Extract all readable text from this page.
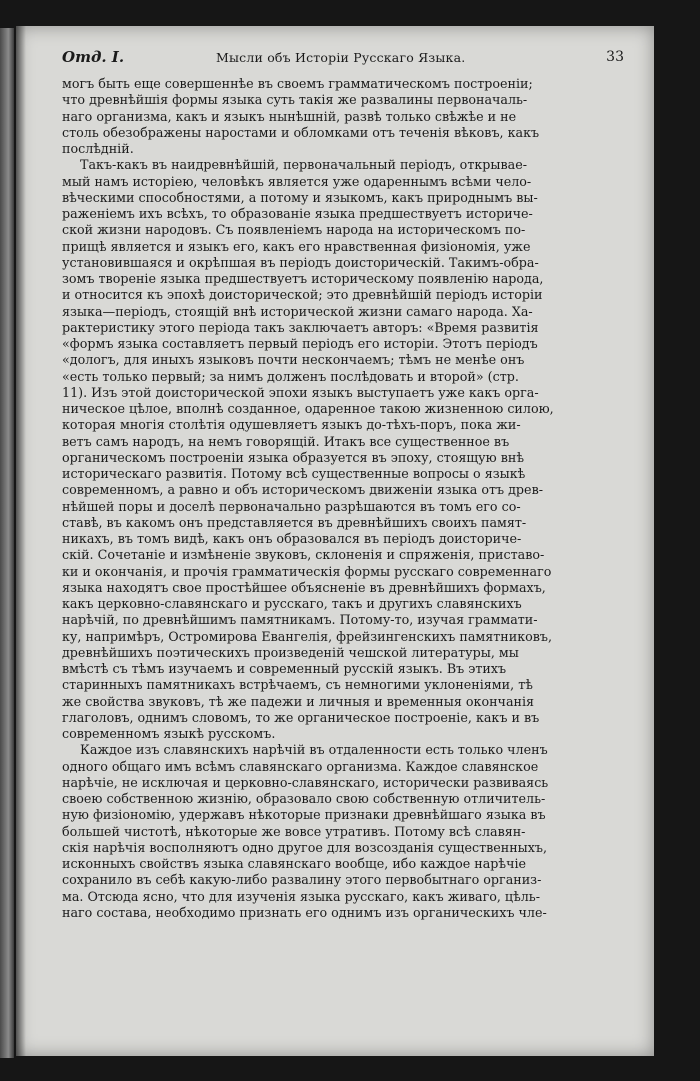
Отд. I.	Мысли объ Исторіи Русскаго Языка.	33
могъ быть еще совершеннѣе въ своемъ грамматическомъ построеніи;
что древнѣйшія формы языка суть такія же развалины первоначаль-
наго организма, какъ и языкъ нынѣшній, развѣ только свѣжѣе и не
столь обезображены наростами и обломками отъ теченія вѣковъ, какъ
послѣдній.
Такъ-какъ въ наидревнѣйшій, первоначальный періодъ, открывае-
мый намъ исторіею, человѣкъ является уже одареннымъ всѣми чело-
вѣческими способностями, а потому и языкомъ, какъ природнымъ вы-
раженіемъ ихъ всѣхъ, то образованіе языка предшествуетъ историче-
ской жизни народовъ. Съ появленіемъ народа на историческомъ по-
прищѣ является и языкъ его, какъ его нравственная физіономія, уже
установившаяся и окрѣпшая въ періодъ доисторическій. Такимъ-обра-
зомъ твореніе языка предшествуетъ историческому появленію народа,
и относится къ эпохѣ доисторической; это древнѣйшій періодъ исторіи
языка—періодъ, стоящій внѣ исторической жизни самаго народа. Ха-
рактеристику этого періода такъ заключаетъ авторъ: «Время развитія
«формъ языка составляетъ первый періодъ его исторіи. Этотъ періодъ
«дологъ, для иныхъ языковъ почти нескончаемъ; тѣмъ не менѣе онъ
«есть только первый; за нимъ долженъ послѣдовать и второй» (стр.
11). Изъ этой доисторической эпохи языкъ выступаетъ уже какъ орга-
ническое цѣлое, вполнѣ созданное, одаренное такою жизненною силою,
которая многія столѣтія одушевляетъ языкъ до-тѣхъ-поръ, пока жи-
ветъ самъ народъ, на немъ говорящій. Итакъ все существенное въ
органическомъ построеніи языка образуется въ эпоху, стоящую внѣ
историческаго развитія. Потому всѣ существенные вопросы о языкѣ
современномъ, а равно и объ историческомъ движеніи языка отъ древ-
нѣйшей поры и доселѣ первоначально разрѣшаются въ томъ его со-
ставѣ, въ какомъ онъ представляется въ древнѣйшихъ своихъ памят-
никахъ, въ томъ видѣ, какъ онъ образовался въ періодъ доисториче-
скій. Сочетаніе и измѣненіе звуковъ, склоненія и спряженія, приставо-
ки и окончанія, и прочія грамматическія формы русскаго современнаго
языка находятъ свое простѣйшее объясненіе въ древнѣйшихъ формахъ,
какъ церковно-славянскаго и русскаго, такъ и другихъ славянскихъ
нарѣчій, по древнѣйшимъ памятникамъ. Потому-то, изучая граммати-
ку, напримѣръ, Остромирова Евангелія, фрейзингенскихъ памятниковъ,
древнѣйшихъ поэтическихъ произведеній чешской литературы, мы
вмѣстѣ съ тѣмъ изучаемъ и современный русскій языкъ. Въ этихъ
старинныхъ памятникахъ встрѣчаемъ, съ немногими уклоненіями, тѣ
же свойства звуковъ, тѣ же падежи и личныя и временныя окончанія
глаголовъ, однимъ словомъ, то же органическое построеніе, какъ и въ
современномъ языкѣ русскомъ.
Каждое изъ славянскихъ нарѣчій въ отдаленности есть только членъ
одного общаго имъ всѣмъ славянскаго организма. Каждое славянское
нарѣчіе, не исключая и церковно-славянскаго, исторически развиваясь
своею собственною жизнію, образовало свою собственную отличитель-
ную физіономію, удержавъ нѣкоторые признаки древнѣйшаго языка въ
большей чистотѣ, нѣкоторые же вовсе утративъ. Потому всѣ славян-
скія нарѣчія восполняютъ одно другое для возсозданія существенныхъ,
исконныхъ свойствъ языка славянскаго вообще, ибо каждое нарѣчіе
сохранило въ себѣ какую-либо развалину этого первобытнаго организ-
ма. Отсюда ясно, что для изученія языка русскаго, какъ живаго, цѣль-
наго состава, необходимо признать его однимъ изъ органическихъ чле-
